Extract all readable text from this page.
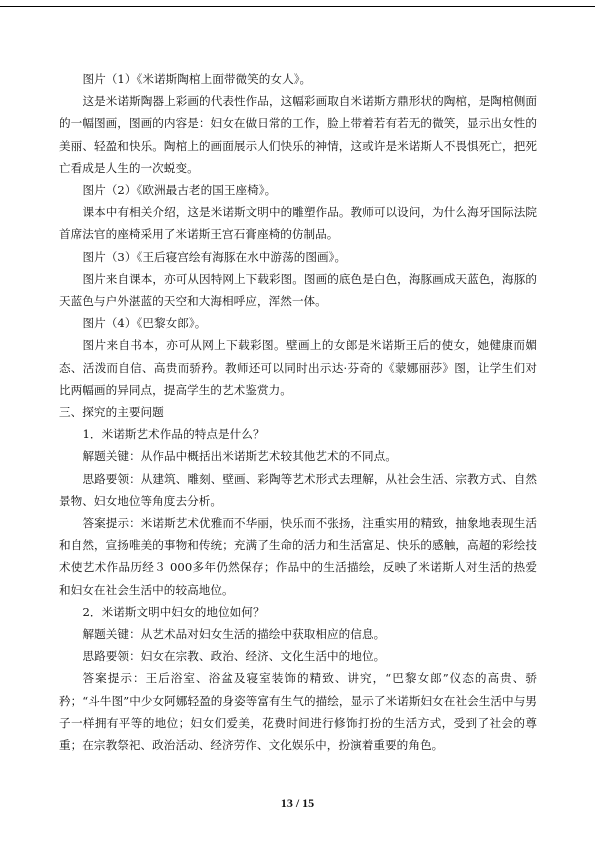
图片（1）《米诺斯陶棺上面带微笑的女人》。

这是米诺斯陶器上彩画的代表性作品，这幅彩画取自米诺斯方鼎形状的陶棺，是陶棺侧面的一幅图画，图画的内容是：妇女在做日常的工作，脸上带着若有若无的微笑，显示出女性的美丽、轻盈和快乐。陶棺上的画面展示人们快乐的神情，这或许是米诺斯人不畏惧死亡，把死亡看成是人生的一次蜕变。

图片（2）《欧洲最古老的国王座椅》。

课本中有相关介绍，这是米诺斯文明中的雕塑作品。教师可以设问，为什么海牙国际法院首席法官的座椅采用了米诺斯王宫石膏座椅的仿制品。

图片（3）《王后寝宫绘有海豚在水中游荡的图画》。

图片来自课本，亦可从因特网上下载彩图。图画的底色是白色，海豚画成天蓝色，海豚的天蓝色与户外湛蓝的天空和大海相呼应，浑然一体。

图片（4）《巴黎女郎》。

图片来自书本，亦可从网上下载彩图。壁画上的女郎是米诺斯王后的使女，她健康而媚态、活泼而自信、高贵而骄矜。教师还可以同时出示达·芬奇的《蒙娜丽莎》图，让学生们对比两幅画的异同点，提高学生的艺术鉴赏力。

三、探究的主要问题

1．米诺斯艺术作品的特点是什么？

解题关键：从作品中概括出米诺斯艺术较其他艺术的不同点。

思路要领：从建筑、雕刻、壁画、彩陶等艺术形式去理解，从社会生活、宗教方式、自然景物、妇女地位等角度去分析。

答案提示：米诺斯艺术优雅而不华丽，快乐而不张扬，注重实用的精致，抽象地表现生活和自然，宣扬唯美的事物和传统；充满了生命的活力和生活富足、快乐的感触，高超的彩绘技术使艺术作品历经３ 000多年仍然保存；作品中的生活描绘，反映了米诺斯人对生活的热爱和妇女在社会生活中的较高地位。

2．米诺斯文明中妇女的地位如何？

解题关键：从艺术品对妇女生活的描绘中获取相应的信息。

思路要领：妇女在宗教、政治、经济、文化生活中的地位。

答案提示：王后浴室、浴盆及寝室装饰的精致、讲究，“巴黎女郎”仪态的高贵、骄矜；“斗牛图”中少女阿娜轻盈的身姿等富有生气的描绘，显示了米诺斯妇女在社会生活中与男子一样拥有平等的地位；妇女们爱美，花费时间进行修饰打扮的生活方式，受到了社会的尊重；在宗教祭祀、政治活动、经济劳作、文化娱乐中，扮演着重要的角色。

13 / 15
